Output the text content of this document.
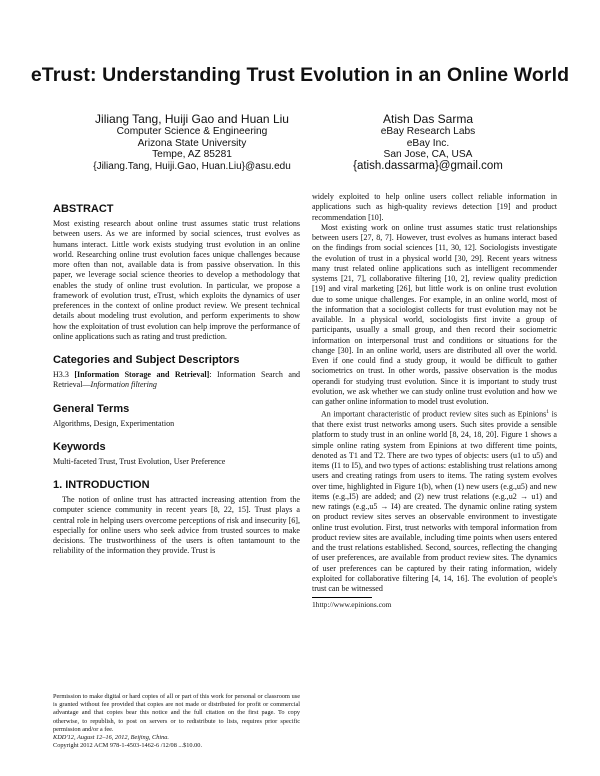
eTrust: Understanding Trust Evolution in an Online World
Jiliang Tang, Huiji Gao and Huan Liu
Computer Science & Engineering
Arizona State University
Tempe, AZ 85281
{Jiliang.Tang, Huiji.Gao, Huan.Liu}@asu.edu
Atish Das Sarma
eBay Research Labs
eBay Inc.
San Jose, CA, USA
{atish.dassarma}@gmail.com
ABSTRACT

Most existing research about online trust assumes static trust relations between users. As we are informed by social sciences, trust evolves as humans interact. Little work exists studying trust evolution in an online world. Researching online trust evolution faces unique challenges because more often than not, available data is from passive observation. In this paper, we leverage social science theories to develop a methodology that enables the study of online trust evolution. In particular, we propose a framework of evolution trust, eTrust, which exploits the dynamics of user preferences in the context of online product review. We present technical details about modeling trust evolution, and perform experiments to show how the exploitation of trust evolution can help improve the performance of online applications such as rating and trust prediction.

Categories and Subject Descriptors

H3.3 [Information Storage and Retrieval]: Information Search and Retrieval—Information filtering

General Terms

Algorithms, Design, Experimentation

Keywords

Multi-faceted Trust, Trust Evolution, User Preference

1. INTRODUCTION

The notion of online trust has attracted increasing attention from the computer science community in recent years [8, 22, 15]. Trust plays a central role in helping users overcome perceptions of risk and insecurity [6], especially for online users who seek advice from trusted sources to make decisions. The trustworthiness of the users is often tantamount to the reliability of the information they provide. Trust is

Permission to make digital or hard copies of all or part of this work for personal or classroom use is granted without fee provided that copies are not made or distributed for profit or commercial advantage and that copies bear this notice and the full citation on the first page. To copy otherwise, to republish, to post on servers or to redistribute to lists, requires prior specific permission and/or a fee.
KDD'12, August 12–16, 2012, Beijing, China.
Copyright 2012 ACM 978-1-4503-1462-6 /12/08 ...$10.00.

widely exploited to help online users collect reliable information in applications such as high-quality reviews detection [19] and product recommendation [10].

Most existing work on online trust assumes static trust relationships between users [27, 8, 7]. However, trust evolves as humans interact based on the findings from social sciences [11, 30, 12]. Sociologists investigate the evolution of trust in a physical world [30, 29]. Recent years witness many trust related online applications such as intelligent recommender systems [21, 7], collaborative filtering [10, 2], review quality prediction [19] and viral marketing [26], but little work is on online trust evolution due to some unique challenges. For example, in an online world, most of the information that a sociologist collects for trust evolution may not be available. In a physical world, sociologists first invite a group of participants, usually a small group, and then record their sociometric information on interpersonal trust and conditions or situations for the change [30]. In an online world, users are distributed all over the world. Even if one could find a study group, it would be difficult to gather sociometrics on trust. In other words, passive observation is the modus operandi for studying trust evolution. Since it is important to study trust evolution, we ask whether we can study online trust evolution and how we can gather online information to model trust evolution.

An important characteristic of product review sites such as Epinions$^1$ is that there exist trust networks among users. Such sites provide a sensible platform to study trust in an online world [8, 24, 18, 20]. Figure 1 shows a simple online rating system from Epinions at two different time points, denoted as T1 and T2. There are two types of objects: users (u1 to u5) and items (I1 to I5), and two types of actions: establishing trust relations among users and creating ratings from users to items. The rating system evolves over time, highlighted in Figure 1(b), when (1) new users (e.g.,u5) and new items (e.g.,I5) are added; and (2) new trust relations (e.g.,u2 → u1) and new ratings (e.g.,u5 → I4) are created. The dynamic online rating system on product review sites serves an observable environment to investigate online trust evolution. First, trust networks with temporal information from product review sites are available, including time points when users entered and the trust relations established. Second, sources, reflecting the changing of user preferences, are available from product review sites. The dynamics of user preferences can be captured by their rating information, widely exploited for collaborative filtering [4, 14, 16]. The evolution of people's trust can be witnessed

1http://www.epinions.com
